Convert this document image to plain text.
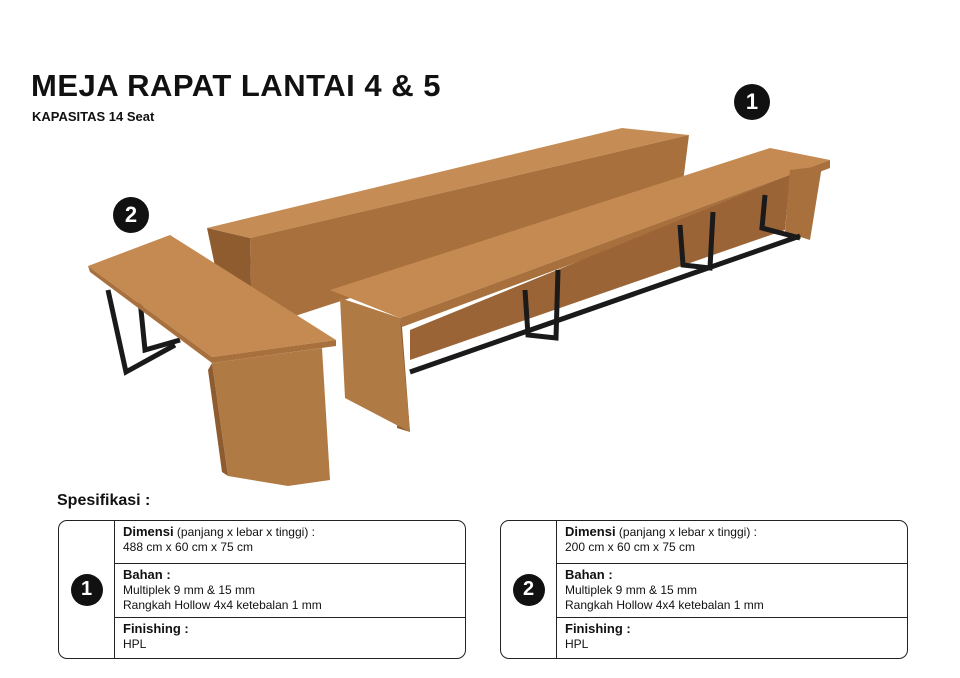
MEJA RAPAT LANTAI 4 & 5
KAPASITAS 14 Seat
1
2
Spesifikasi :
1
Dimensi (panjang x lebar x tinggi) :
488 cm x 60 cm x 75 cm
Bahan :
Multiplek 9 mm & 15 mm
Rangkah Hollow 4x4 ketebalan 1 mm
Finishing :
HPL
2
Dimensi (panjang x lebar x tinggi) :
200 cm x 60 cm x 75 cm
Bahan :
Multiplek 9 mm & 15 mm
Rangkah Hollow 4x4 ketebalan 1 mm
Finishing :
HPL
